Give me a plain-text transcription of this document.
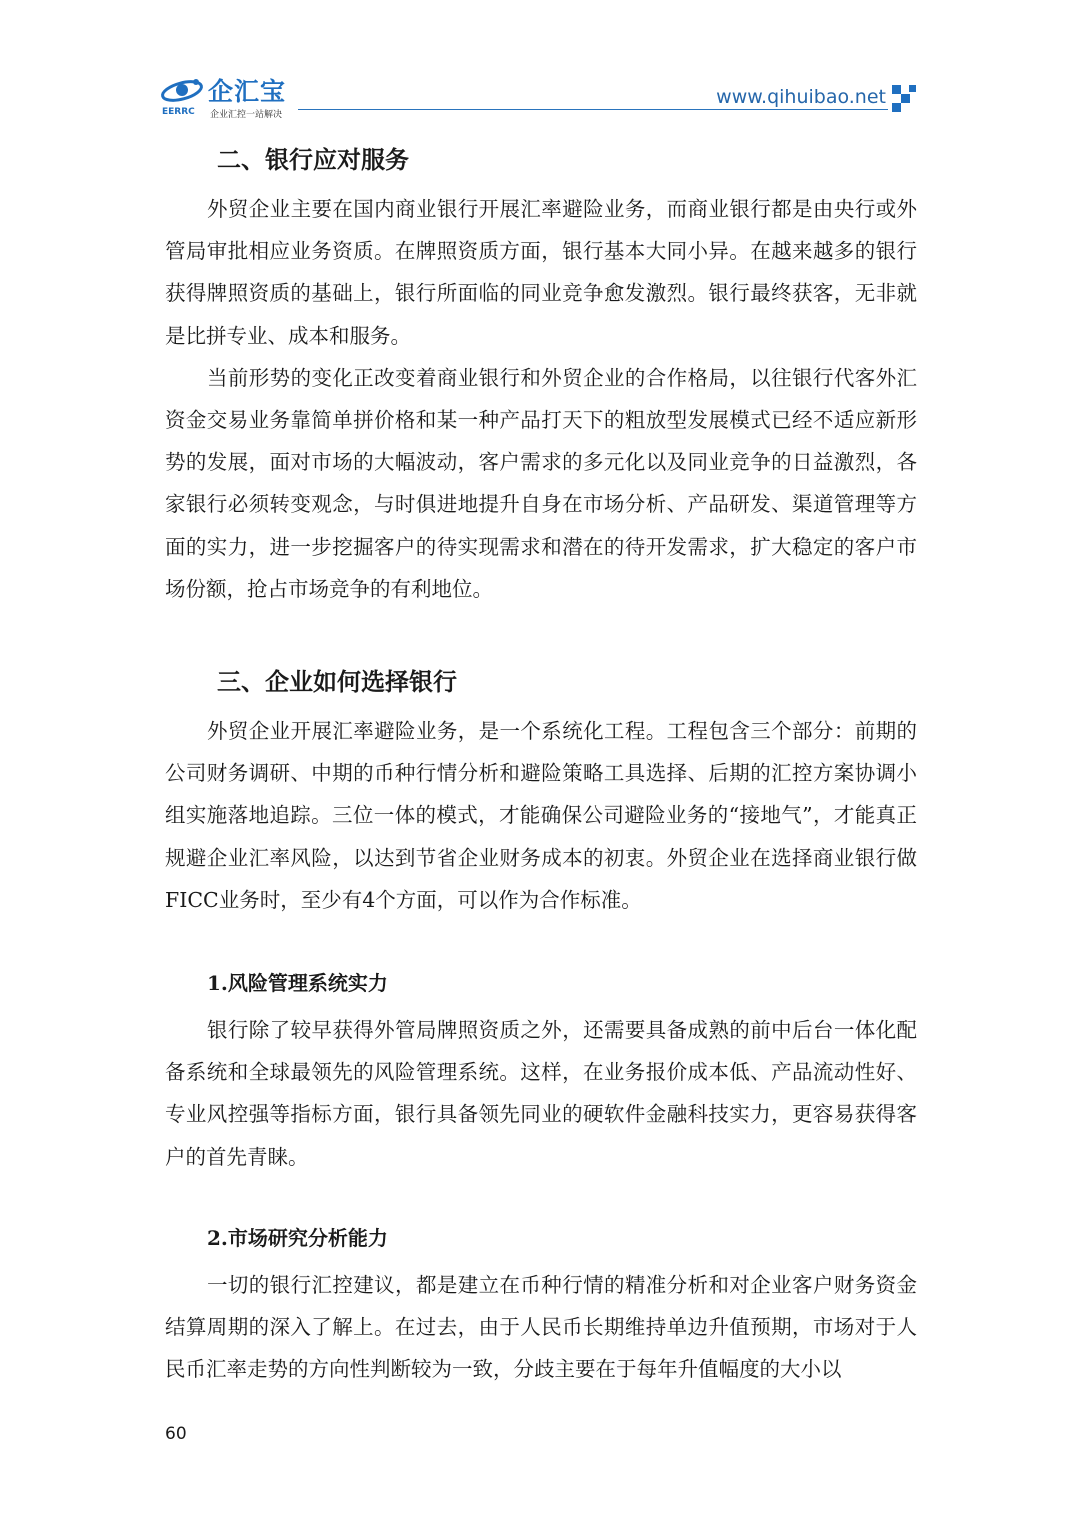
企汇宝
EERRC 企业汇控一站解决
www.qihuibao.net
二、银行应对服务

外贸企业主要在国内商业银行开展汇率避险业务，而商业银行都是由央行或外管局审批相应业务资质。在牌照资质方面，银行基本大同小异。在越来越多的银行获得牌照资质的基础上，银行所面临的同业竞争愈发激烈。银行最终获客，无非就是比拼专业、成本和服务。

当前形势的变化正改变着商业银行和外贸企业的合作格局，以往银行代客外汇资金交易业务靠简单拼价格和某一种产品打天下的粗放型发展模式已经不适应新形势的发展，面对市场的大幅波动，客户需求的多元化以及同业竞争的日益激烈，各家银行必须转变观念，与时俱进地提升自身在市场分析、产品研发、渠道管理等方面的实力，进一步挖掘客户的待实现需求和潜在的待开发需求，扩大稳定的客户市场份额，抢占市场竞争的有利地位。

三、企业如何选择银行

外贸企业开展汇率避险业务，是一个系统化工程。工程包含三个部分：前期的公司财务调研、中期的币种行情分析和避险策略工具选择、后期的汇控方案协调小组实施落地追踪。三位一体的模式，才能确保公司避险业务的“接地气”，才能真正规避企业汇率风险，以达到节省企业财务成本的初衷。外贸企业在选择商业银行做FICC业务时，至少有4个方面，可以作为合作标准。

1.风险管理系统实力

银行除了较早获得外管局牌照资质之外，还需要具备成熟的前中后台一体化配备系统和全球最领先的风险管理系统。这样，在业务报价成本低、产品流动性好、专业风控强等指标方面，银行具备领先同业的硬软件金融科技实力，更容易获得客户的首先青睐。

2.市场研究分析能力

一切的银行汇控建议，都是建立在币种行情的精准分析和对企业客户财务资金结算周期的深入了解上。在过去，由于人民币长期维持单边升值预期，市场对于人民币汇率走势的方向性判断较为一致，分歧主要在于每年升值幅度的大小以

60
